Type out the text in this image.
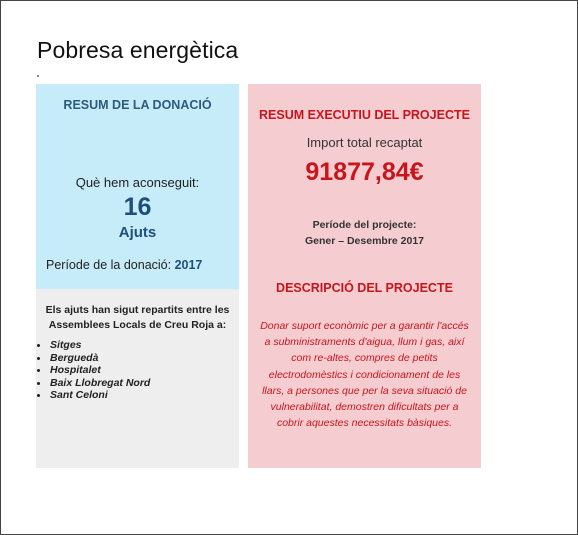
Pobresa energètica
RESUM DE LA DONACIÓ
Què hem aconseguit:
16
Ajuts
Període de la donació: 2017
Els ajuts han sigut repartits entre les Assemblees Locals de Creu Roja a:
Sitges
Berguedà
Hospitalet
Baix Llobregat Nord
Sant Celoni
RESUM EXECUTIU DEL PROJECTE
Import total recaptat
91877,84€
Període del projecte:
Gener – Desembre 2017
DESCRIPCIÓ DEL PROJECTE
Donar suport econòmic per a garantir l'accés a subministraments d'aigua, llum i gas, així com re-altes, compres de petits electrodomèstics i condicionament de les llars, a persones que per la seva situació de vulnerabilitat, demostren dificultats per a cobrir aquestes necessitats bàsiques.
